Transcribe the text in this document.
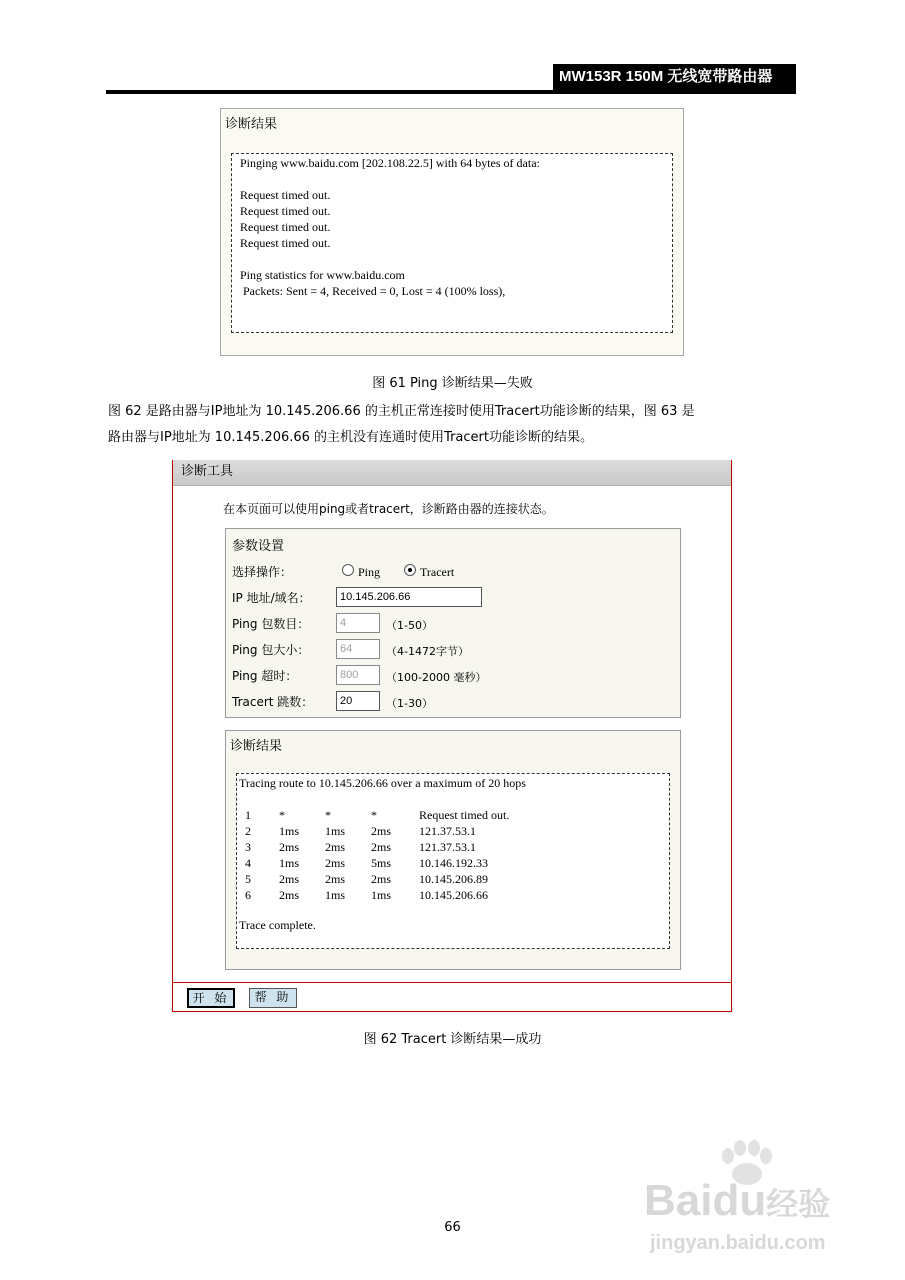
MW153R 150M 无线宽带路由器
诊断结果
Pinging www.baidu.com [202.108.22.5] with 64 bytes of data:
Request timed out.
Request timed out.
Request timed out.
Request timed out.
Ping statistics for www.baidu.com
Packets: Sent = 4, Received = 0, Lost = 4 (100% loss),
图 61 Ping 诊断结果—失败
图 62 是路由器与IP地址为 10.145.206.66 的主机正常连接时使用Tracert功能诊断的结果，图 63 是
路由器与IP地址为 10.145.206.66 的主机没有连通时使用Tracert功能诊断的结果。
诊断工具
在本页面可以使用ping或者tracert，诊断路由器的连接状态。
参数设置
选择操作：	Ping	Tracert
IP 地址/域名：	10.145.206.66
Ping 包数目：	4	（1-50）
Ping 包大小：	64	（4-1472字节）
Ping 超时：	800	（100-2000 毫秒）
Tracert 跳数：	20	（1-30）
诊断结果
Tracing route to 10.145.206.66 over a maximum of 20 hops
1 *	*	*	Request timed out.
2 1ms 1ms 2ms 121.37.53.1
3 2ms 2ms 2ms 121.37.53.1
4 1ms 2ms 5ms 10.146.192.33
5 2ms 2ms 2ms 10.145.206.89
6 2ms 1ms 1ms 10.145.206.66
Trace complete.
开 始	帮 助
图 62 Tracert 诊断结果—成功
Baidu经验
jingyan.baidu.com
66
